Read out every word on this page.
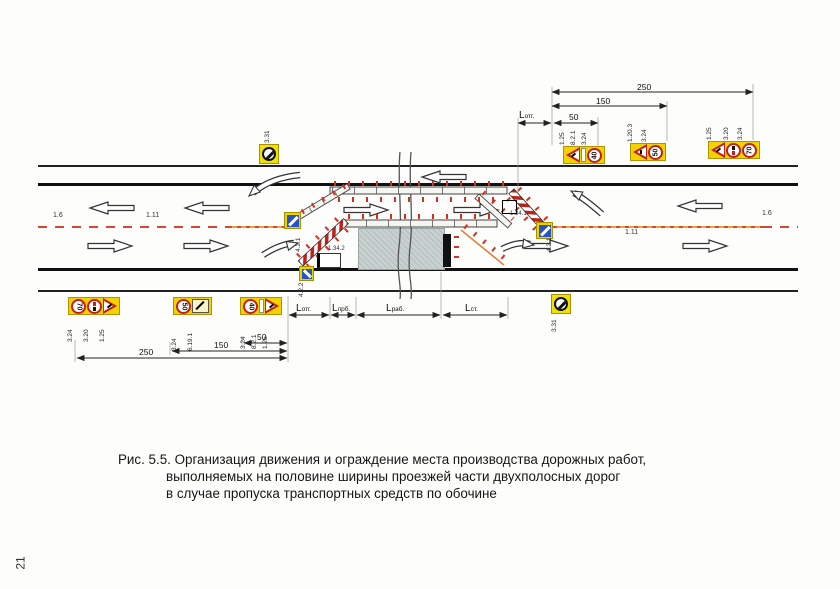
1.6	1.11
1.11
1.6
1.34.2
1.34.1
4.2.1	4.2.1
4.2.2
3.31
3.31
40
1.25 8.2.1 3.24
50
1.20.3 3.24
70
1.25 3.20 3.24
70
3.24 3.20 1.25
50
3.24 6.19.1
40
3.24 8.2.1 1.25
250
150
50
Lотг.
Lотг.	Lпрб.	Lраб.	Lст.
50
150
250
Рис. 5.5. Организация движения и ограждение места производства дорожных работ,
выполняемых на половине ширины проезжей части двухполосных дорог
в случае пропуска транспортных средств по обочине
21
